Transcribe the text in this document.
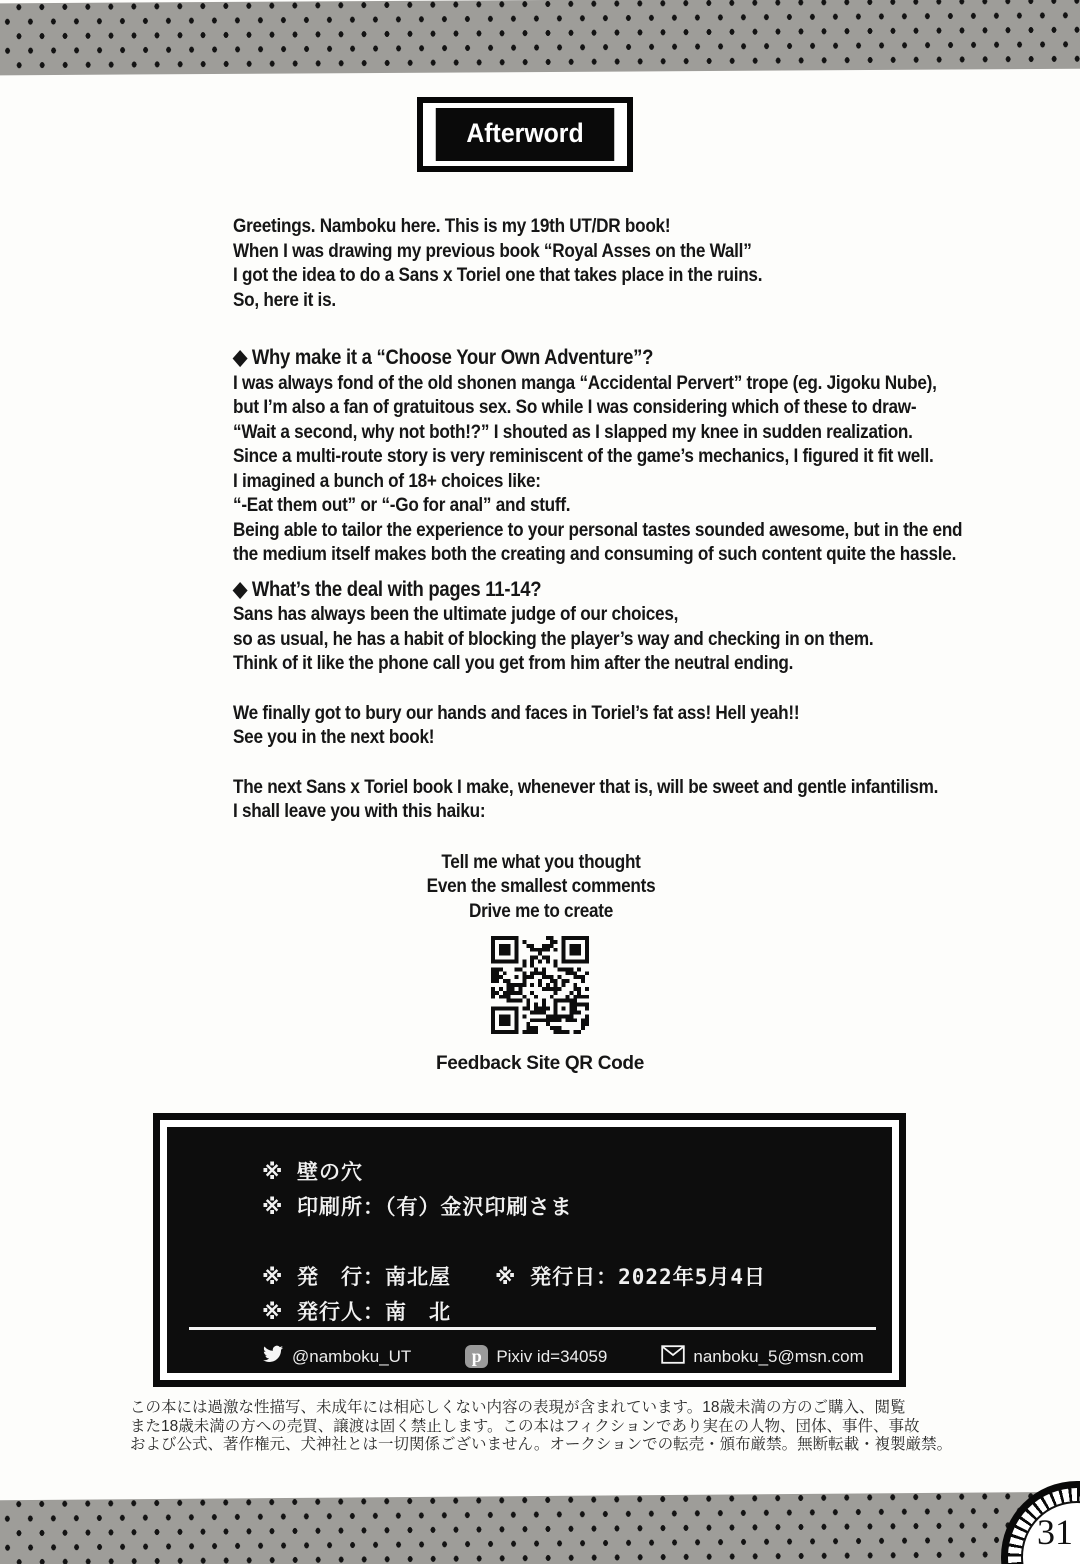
Afterword
Greetings. Namboku here. This is my 19th UT/DR book!
When I was drawing my previous book “Royal Asses on the Wall”
I got the idea to do a Sans x Toriel one that takes place in the ruins.
So, here it is.
◆ Why make it a “Choose Your Own Adventure”?
I was always fond of the old shonen manga “Accidental Pervert” trope (eg. Jigoku Nube),
but I’m also a fan of gratuitous sex. So while I was considering which of these to draw-
“Wait a second, why not both!?” I shouted as I slapped my knee in sudden realization.
Since a multi-route story is very reminiscent of the game’s mechanics, I figured it fit well.
I imagined a bunch of 18+ choices like:
“-Eat them out” or “-Go for anal” and stuff.
Being able to tailor the experience to your personal tastes sounded awesome, but in the end
the medium itself makes both the creating and consuming of such content quite the hassle.
◆ What’s the deal with pages 11-14?
Sans has always been the ultimate judge of our choices,
so as usual, he has a habit of blocking the player’s way and checking in on them.
Think of it like the phone call you get from him after the neutral ending.
We finally got to bury our hands and faces in Toriel’s fat ass! Hell yeah!!
See you in the next book!
The next Sans x Toriel book I make, whenever that is, will be sweet and gentle infantilism.
I shall leave you with this haiku:
Tell me what you thought
Even the smallest comments
Drive me to create
Feedback Site QR Code
※ 壁の穴
※ 印刷所：（有）金沢印刷さま
※ 発　行：南北屋　　※ 発行日：2022年5月4日
※ 発行人：南　北
@namboku_UT	p Pixiv id=34059	nanboku_5@msn.com
この本には過激な性描写、未成年には相応しくない内容の表現が含まれています。18歳未満の方のご購入、閲覧
また18歳未満の方への売買、譲渡は固く禁止します。この本はフィクションであり実在の人物、団体、事件、事故
および公式、著作権元、犬神社とは一切関係ございません。オークションでの転売・頒布厳禁。無断転載・複製厳禁。
31
